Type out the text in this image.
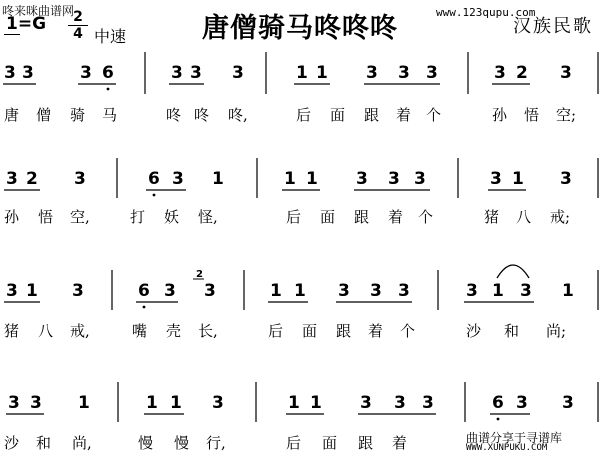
咚来咪曲谱网
1=G	2
4 中速	唐僧骑马咚咚咚
www.123qupu.com
汉族民歌
3 3	3 6	3 3 3	1 1 3 3 3	3 2 3
唐 僧 骑 马	咚 咚 咚,	后 面 跟 着 个	孙 悟 空;
3 2 3	6 3 1	1 1 3 3 3	3 1 3
孙 悟 空,	打 妖 怪,	后 面 跟 着 个	猪 八 戒;
3 1 3	6 3 3	1 1 3 3 3	3 1 3 1
2
猪 八 戒,	嘴 壳 长,	后 面 跟 着 个	沙 和 尚;
3 3 1	1 1 3	1 1 3 3 3	6 3 3
沙 和 尚,	慢 慢 行,	后 面 跟 着	曲谱分享于寻谱库
WWW.XUNPUKU.COM
